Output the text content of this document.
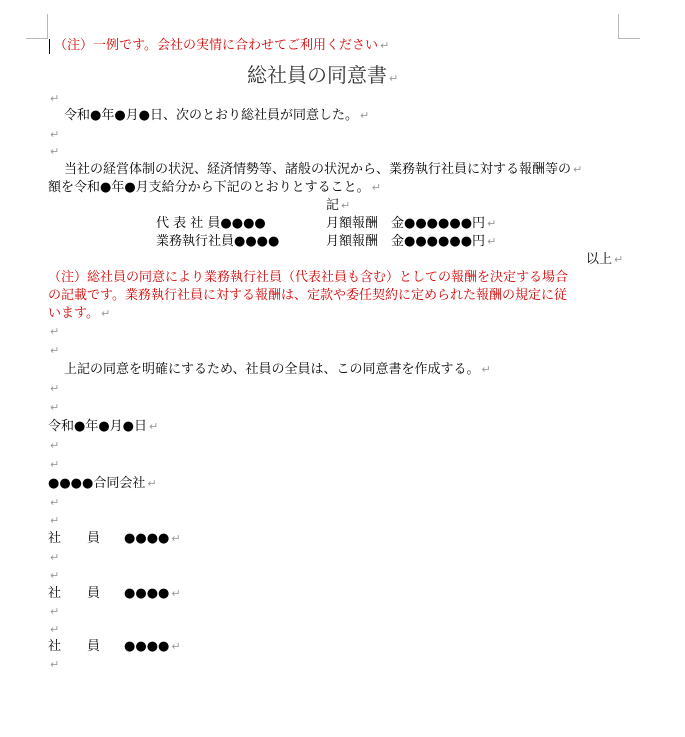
（注）一例です。会社の実情に合わせてご利用ください ↵
総社員の同意書 ↵
↵
令和●年●月●日、次のとおり総社員が同意した。 ↵
↵
↵
当社の経営体制の状況、経済情勢等、諸般の状況から、業務執行社員に対する報酬等の ↵
額を令和●年●月支給分から下記のとおりとすること。 ↵
記 ↵
代 表 社 員●●●●	月額報酬　金●●●●●●円 ↵
業務執行社員●●●●	月額報酬　金●●●●●●円 ↵
以上 ↵
（注）総社員の同意により業務執行社員（代表社員も含む）としての報酬を決定する場合
の記載です。業務執行社員に対する報酬は、定款や委任契約に定められた報酬の規定に従
います。 ↵
↵
↵
上記の同意を明確にするため、社員の全員は、この同意書を作成する。 ↵
↵
↵
令和●年●月●日 ↵
↵
↵
●●●●合同会社 ↵
↵
↵
社　　員 ●●●● ↵
↵
↵
社　　員 ●●●● ↵
↵
↵
社　　員 ●●●● ↵
↵
